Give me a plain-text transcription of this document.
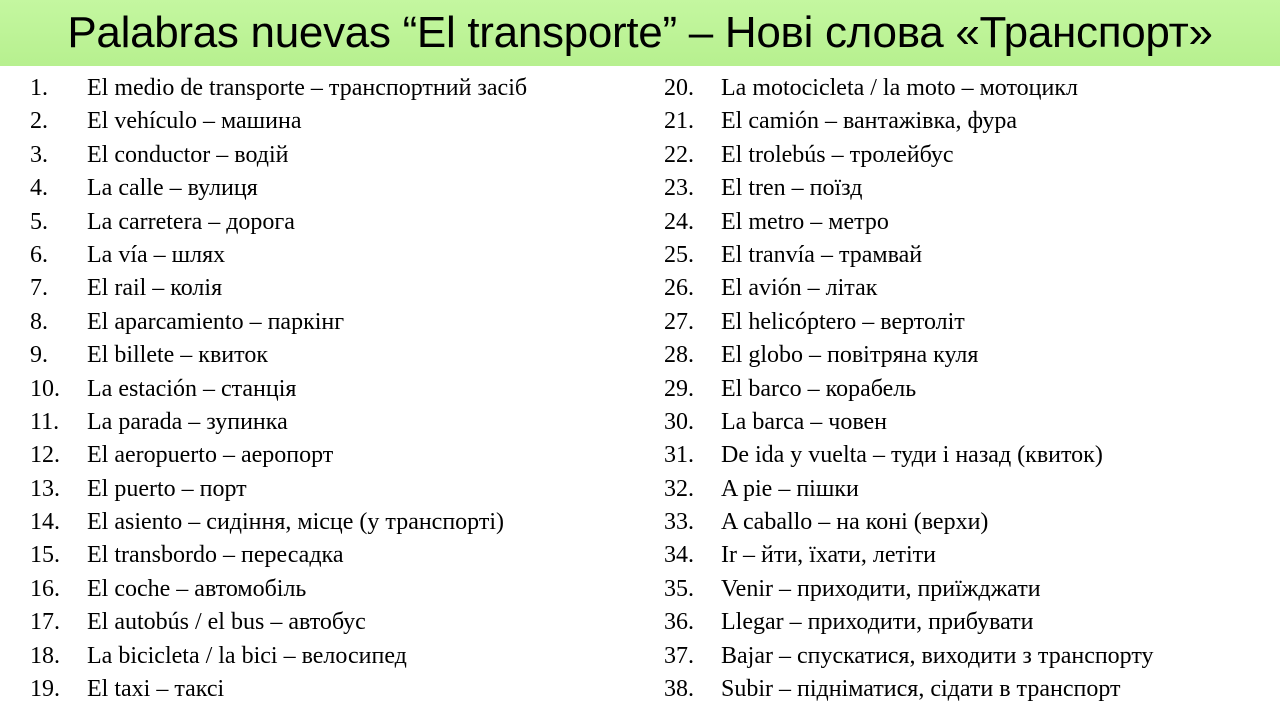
Palabras nuevas “El transporte” – Нові слова «Транспорт»
1. El medio de transporte – транспортний засіб
2. El vehículo – машина
3. El conductor – водій
4. La calle – вулиця
5. La carretera – дорога
6. La vía – шлях
7. El rail – колія
8. El aparcamiento – паркінг
9. El billete – квиток
10. La estación – станція
11. La parada – зупинка
12. El aeropuerto – аеропорт
13. El puerto – порт
14. El asiento – сидіння, місце (у транспорті)
15. El transbordo – пересадка
16. El coche – автомобіль
17. El autobús / el bus – автобус
18. La bicicleta / la bici – велосипед
19. El taxi – таксі
20. La motocicleta / la moto – мотоцикл
21. El camión – вантажівка, фура
22. El trolebús – тролейбус
23. El tren – поїзд
24. El metro – метро
25. El tranvía – трамвай
26. El avión – літак
27. El helicóptero – вертоліт
28. El globo – повітряна куля
29. El barco – корабель
30. La barca – човен
31. De ida y vuelta – туди і назад (квиток)
32. A pie – пішки
33. A caballo – на коні (верхи)
34. Ir – йти, їхати, летіти
35. Venir – приходити, приїжджати
36. Llegar – приходити, прибувати
37. Bajar – спускатися, виходити з транспорту
38. Subir – підніматися, сідати в транспорт
